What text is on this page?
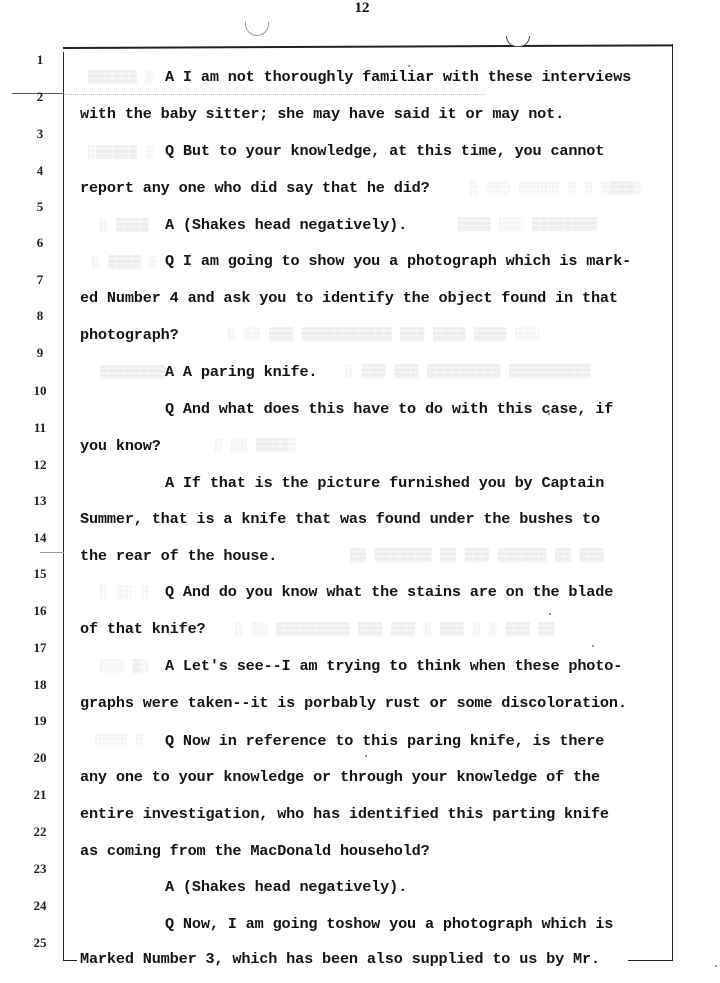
12
1
2
3
4
5
6
7
8
9
10
11
12
13
14
15
16
17
18
19
20
21
22
23
24
25
▒▒▒▒▒▒ ░
░▒▒▒▒▒ ░
░ ░░░ ░░░░░ ░ ░ ░▒▒▒░
░ ▒▒▒▒	▒▒▒▒ ░░░ ▒▒▒▒▒▒▒▒
░ ▒▒▒▒ ░
░ ░░ ▒▒▒ ▒▒▒▒▒▒▒▒▒▒▒ ▒▒▒ ▒▒▒▒ ▒▒▒▒ ░░░
▒▒▒▒▒▒▒▒	░ ▒▒▒ ▒▒▒ ▒▒▒▒▒▒▒▒▒ ▒▒▒▒▒▒▒▒▒▒
░ ░░ ▒▒▒▒░
▒▒ ▒▒▒▒▒▒▒ ▒▒ ▒▒▒ ▒▒▒▒▒▒ ▒▒ ▒▒▒
░ ░░ ░
░ ░░ ▒▒▒▒▒▒▒▒▒ ▒▒▒ ▒▒▒ ░ ▒▒▒ ░ ░ ▒▒▒ ▒▒
░░░ ▒░
░░░░ ░
A I am not thoroughly familiar with these interviews
with the baby sitter; she may have said it or may not.
Q But to your knowledge, at this time, you cannot
report any one who did say that he did?
A (Shakes head negatively).
Q I am going to show you a photograph which is mark-
ed Number 4 and ask you to identify the object found in that
photograph?
A A paring knife.
Q And what does this have to do with this case, if
you know?
A If that is the picture furnished you by Captain
Summer, that is a knife that was found under the bushes to
the rear of the house.
Q And do you know what the stains are on the blade
of that knife?
A Let's see--I am trying to think when these photo-
graphs were taken--it is porbably rust or some discoloration.
Q Now in reference to this paring knife, is there
any one to your knowledge or through your knowledge of the
entire investigation, who has identified this parting knife
as coming from the MacDonald household?
A (Shakes head negatively).
Q Now, I am going toshow you a photograph which is
Marked Number 3, which has been also supplied to us by Mr.
